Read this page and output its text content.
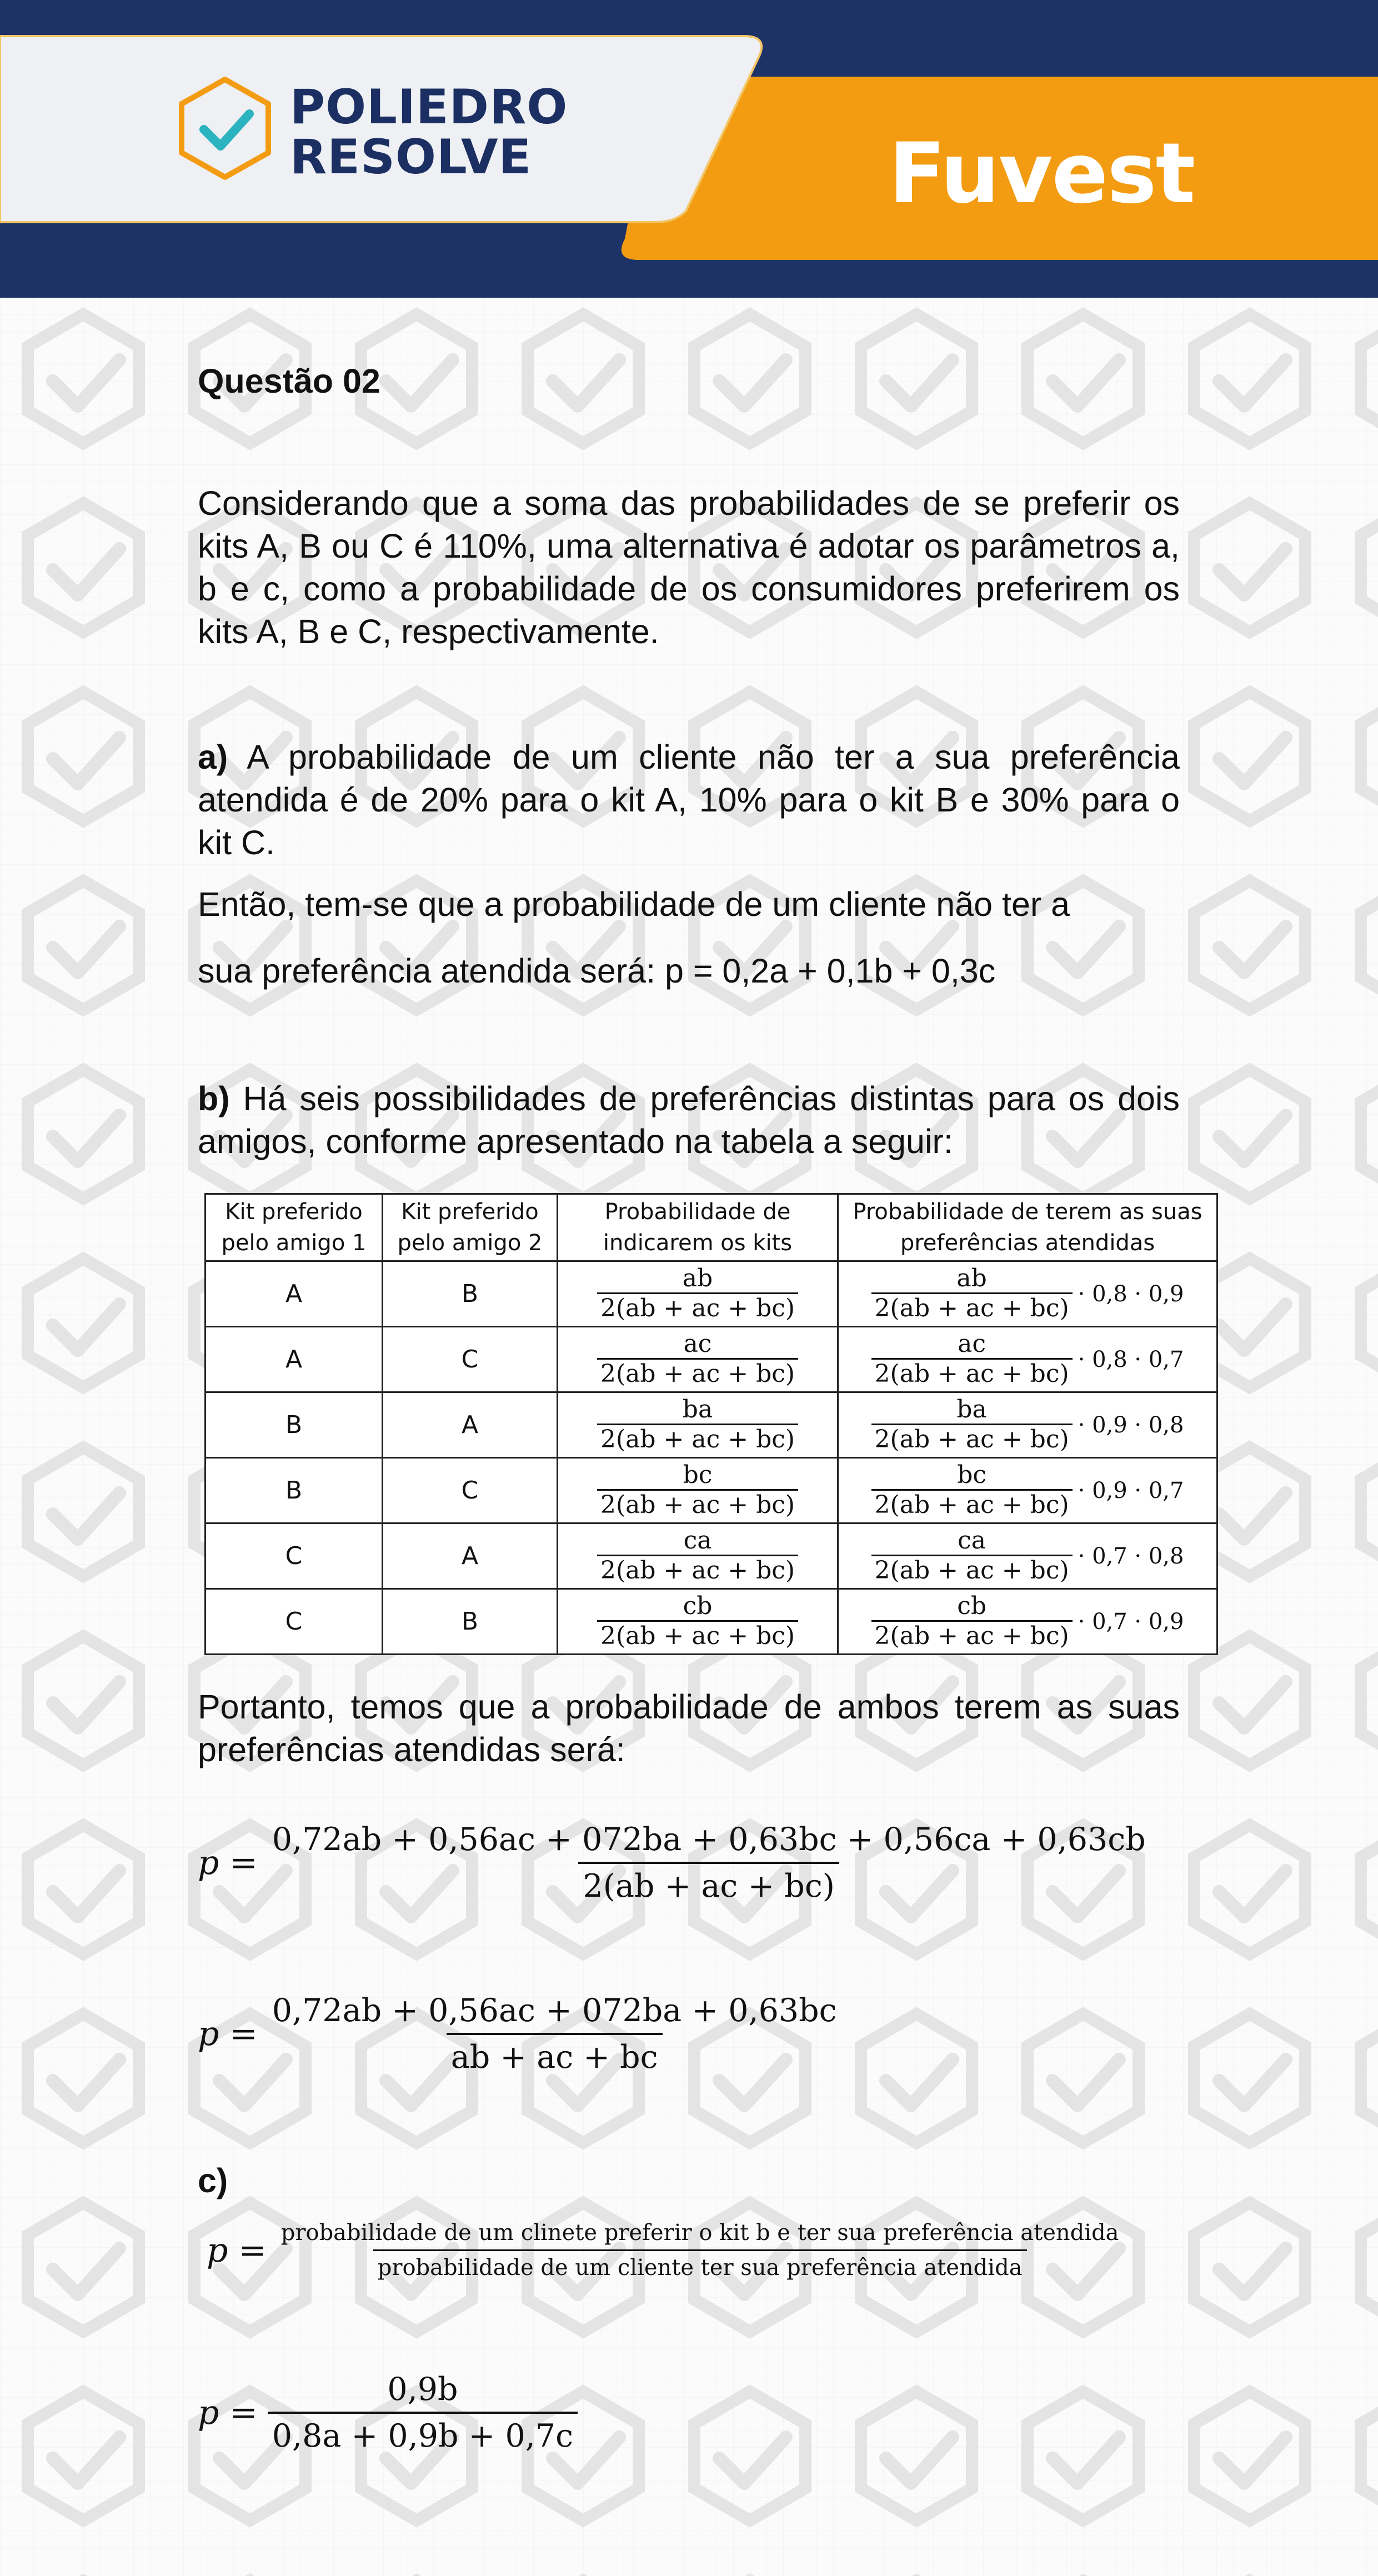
POLIEDRO
RESOLVE	Fuvest
Questão 02
Considerando que a soma das probabilidades de se preferir os kits A, B ou C é 110%, uma alternativa é adotar os parâmetros a, b e c, como a probabilidade de os consumidores preferirem os kits A, B e C, respectivamente.
a) A probabilidade de um cliente não ter a sua preferência atendida é de 20% para o kit A, 10% para o kit B e 30% para o kit C.
Então, tem-se que a probabilidade de um cliente não ter a
sua preferência atendida será: p = 0,2a + 0,1b + 0,3c
b) Há seis possibilidades de preferências distintas para os dois amigos, conforme apresentado na tabela a seguir:
Kit preferido pelo amigo 1	Kit preferido pelo amigo 2	Probabilidade de indicarem os kits	Probabilidade de terem as suas preferências atendidas
A	B	$\frac{ab}{2(ab + ac + bc)}$	$\frac{ab}{2(ab + ac + bc)} \cdot 0,8 \cdot 0,9$
A	C	$\frac{ac}{2(ab + ac + bc)}$	$\frac{ac}{2(ab + ac + bc)} \cdot 0,8 \cdot 0,7$
B	A	$\frac{ba}{2(ab + ac + bc)}$	$\frac{ba}{2(ab + ac + bc)} \cdot 0,9 \cdot 0,8$
B	C	$\frac{bc}{2(ab + ac + bc)}$	$\frac{bc}{2(ab + ac + bc)} \cdot 0,9 \cdot 0,7$
C	A	$\frac{ca}{2(ab + ac + bc)}$	$\frac{ca}{2(ab + ac + bc)} \cdot 0,7 \cdot 0,8$
C	B	$\frac{cb}{2(ab + ac + bc)}$	$\frac{cb}{2(ab + ac + bc)} \cdot 0,7 \cdot 0,9$
Portanto, temos que a probabilidade de ambos terem as suas preferências atendidas será:
$p = \frac{0,72ab + 0,56ac + 072ba + 0,63bc + 0,56ca + 0,63cb}{2(ab + ac + bc)}$
$p = \frac{0,72ab + 0,56ac + 072ba + 0,63bc}{ab + ac + bc}$
c)
p = probabilidade de um clinete preferir o kit b e ter sua preferência atendida
probabilidade de um cliente ter sua preferência atendida
$p = \frac{0,9b}{0,8a + 0,9b + 0,7c}$
